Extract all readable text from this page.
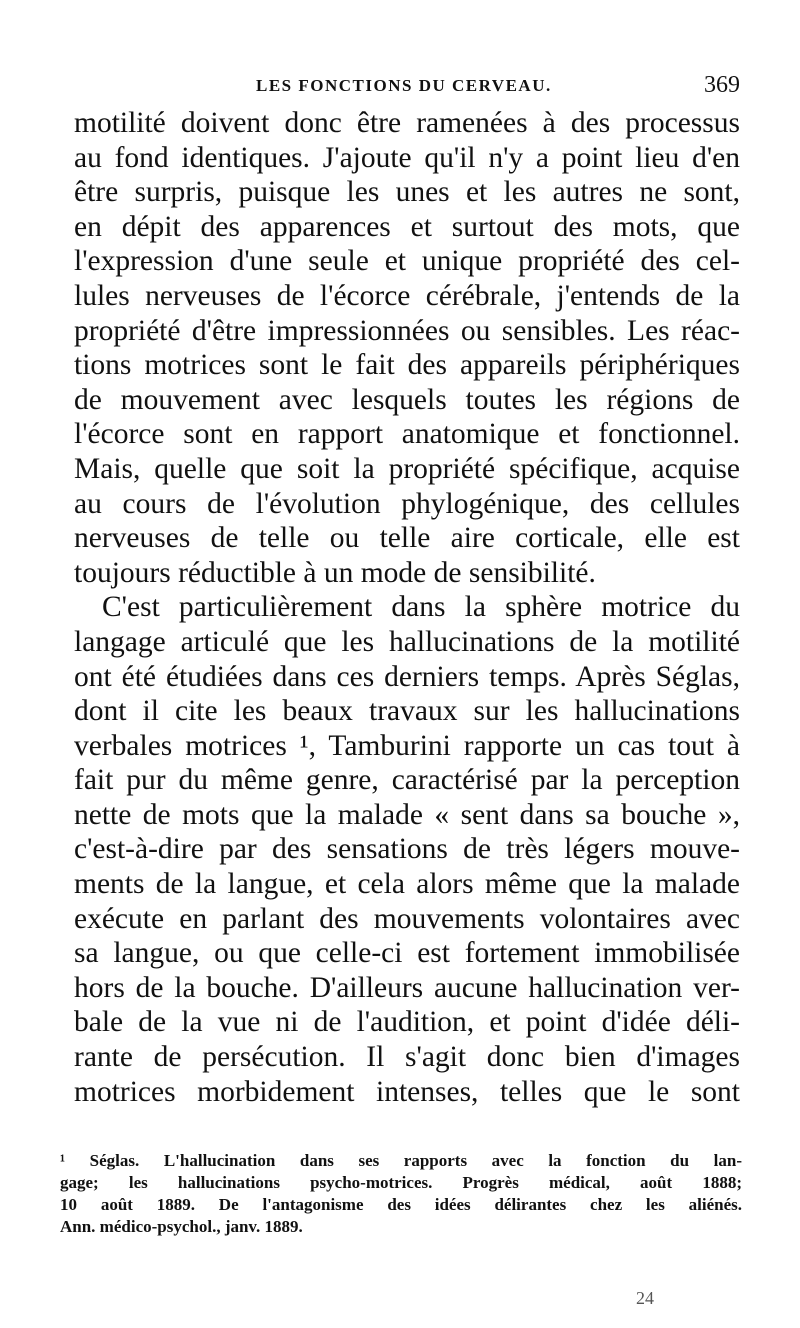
LES FONCTIONS DU CERVEAU.	369
motilité doivent donc être ramenées à des processus
au fond identiques. J'ajoute qu'il n'y a point lieu d'en
être surpris, puisque les unes et les autres ne sont,
en dépit des apparences et surtout des mots, que
l'expression d'une seule et unique propriété des cel-
lules nerveuses de l'écorce cérébrale, j'entends de la
propriété d'être impressionnées ou sensibles. Les réac-
tions motrices sont le fait des appareils périphériques
de mouvement avec lesquels toutes les régions de
l'écorce sont en rapport anatomique et fonctionnel.
Mais, quelle que soit la propriété spécifique, acquise
au cours de l'évolution phylogénique, des cellules
nerveuses de telle ou telle aire corticale, elle est
toujours réductible à un mode de sensibilité.
C'est particulièrement dans la sphère motrice du
langage articulé que les hallucinations de la motilité
ont été étudiées dans ces derniers temps. Après Séglas,
dont il cite les beaux travaux sur les hallucinations
verbales motrices ¹, Tamburini rapporte un cas tout à
fait pur du même genre, caractérisé par la perception
nette de mots que la malade « sent dans sa bouche »,
c'est-à-dire par des sensations de très légers mouve-
ments de la langue, et cela alors même que la malade
exécute en parlant des mouvements volontaires avec
sa langue, ou que celle-ci est fortement immobilisée
hors de la bouche. D'ailleurs aucune hallucination ver-
bale de la vue ni de l'audition, et point d'idée déli-
rante de persécution. Il s'agit donc bien d'images
motrices morbidement intenses, telles que le sont
¹ Séglas. L'hallucination dans ses rapports avec la fonction du lan-
gage; les hallucinations psycho-motrices. Progrès médical, août 1888;
10 août 1889. De l'antagonisme des idées délirantes chez les aliénés.
Ann. médico-psychol., janv. 1889.
24
